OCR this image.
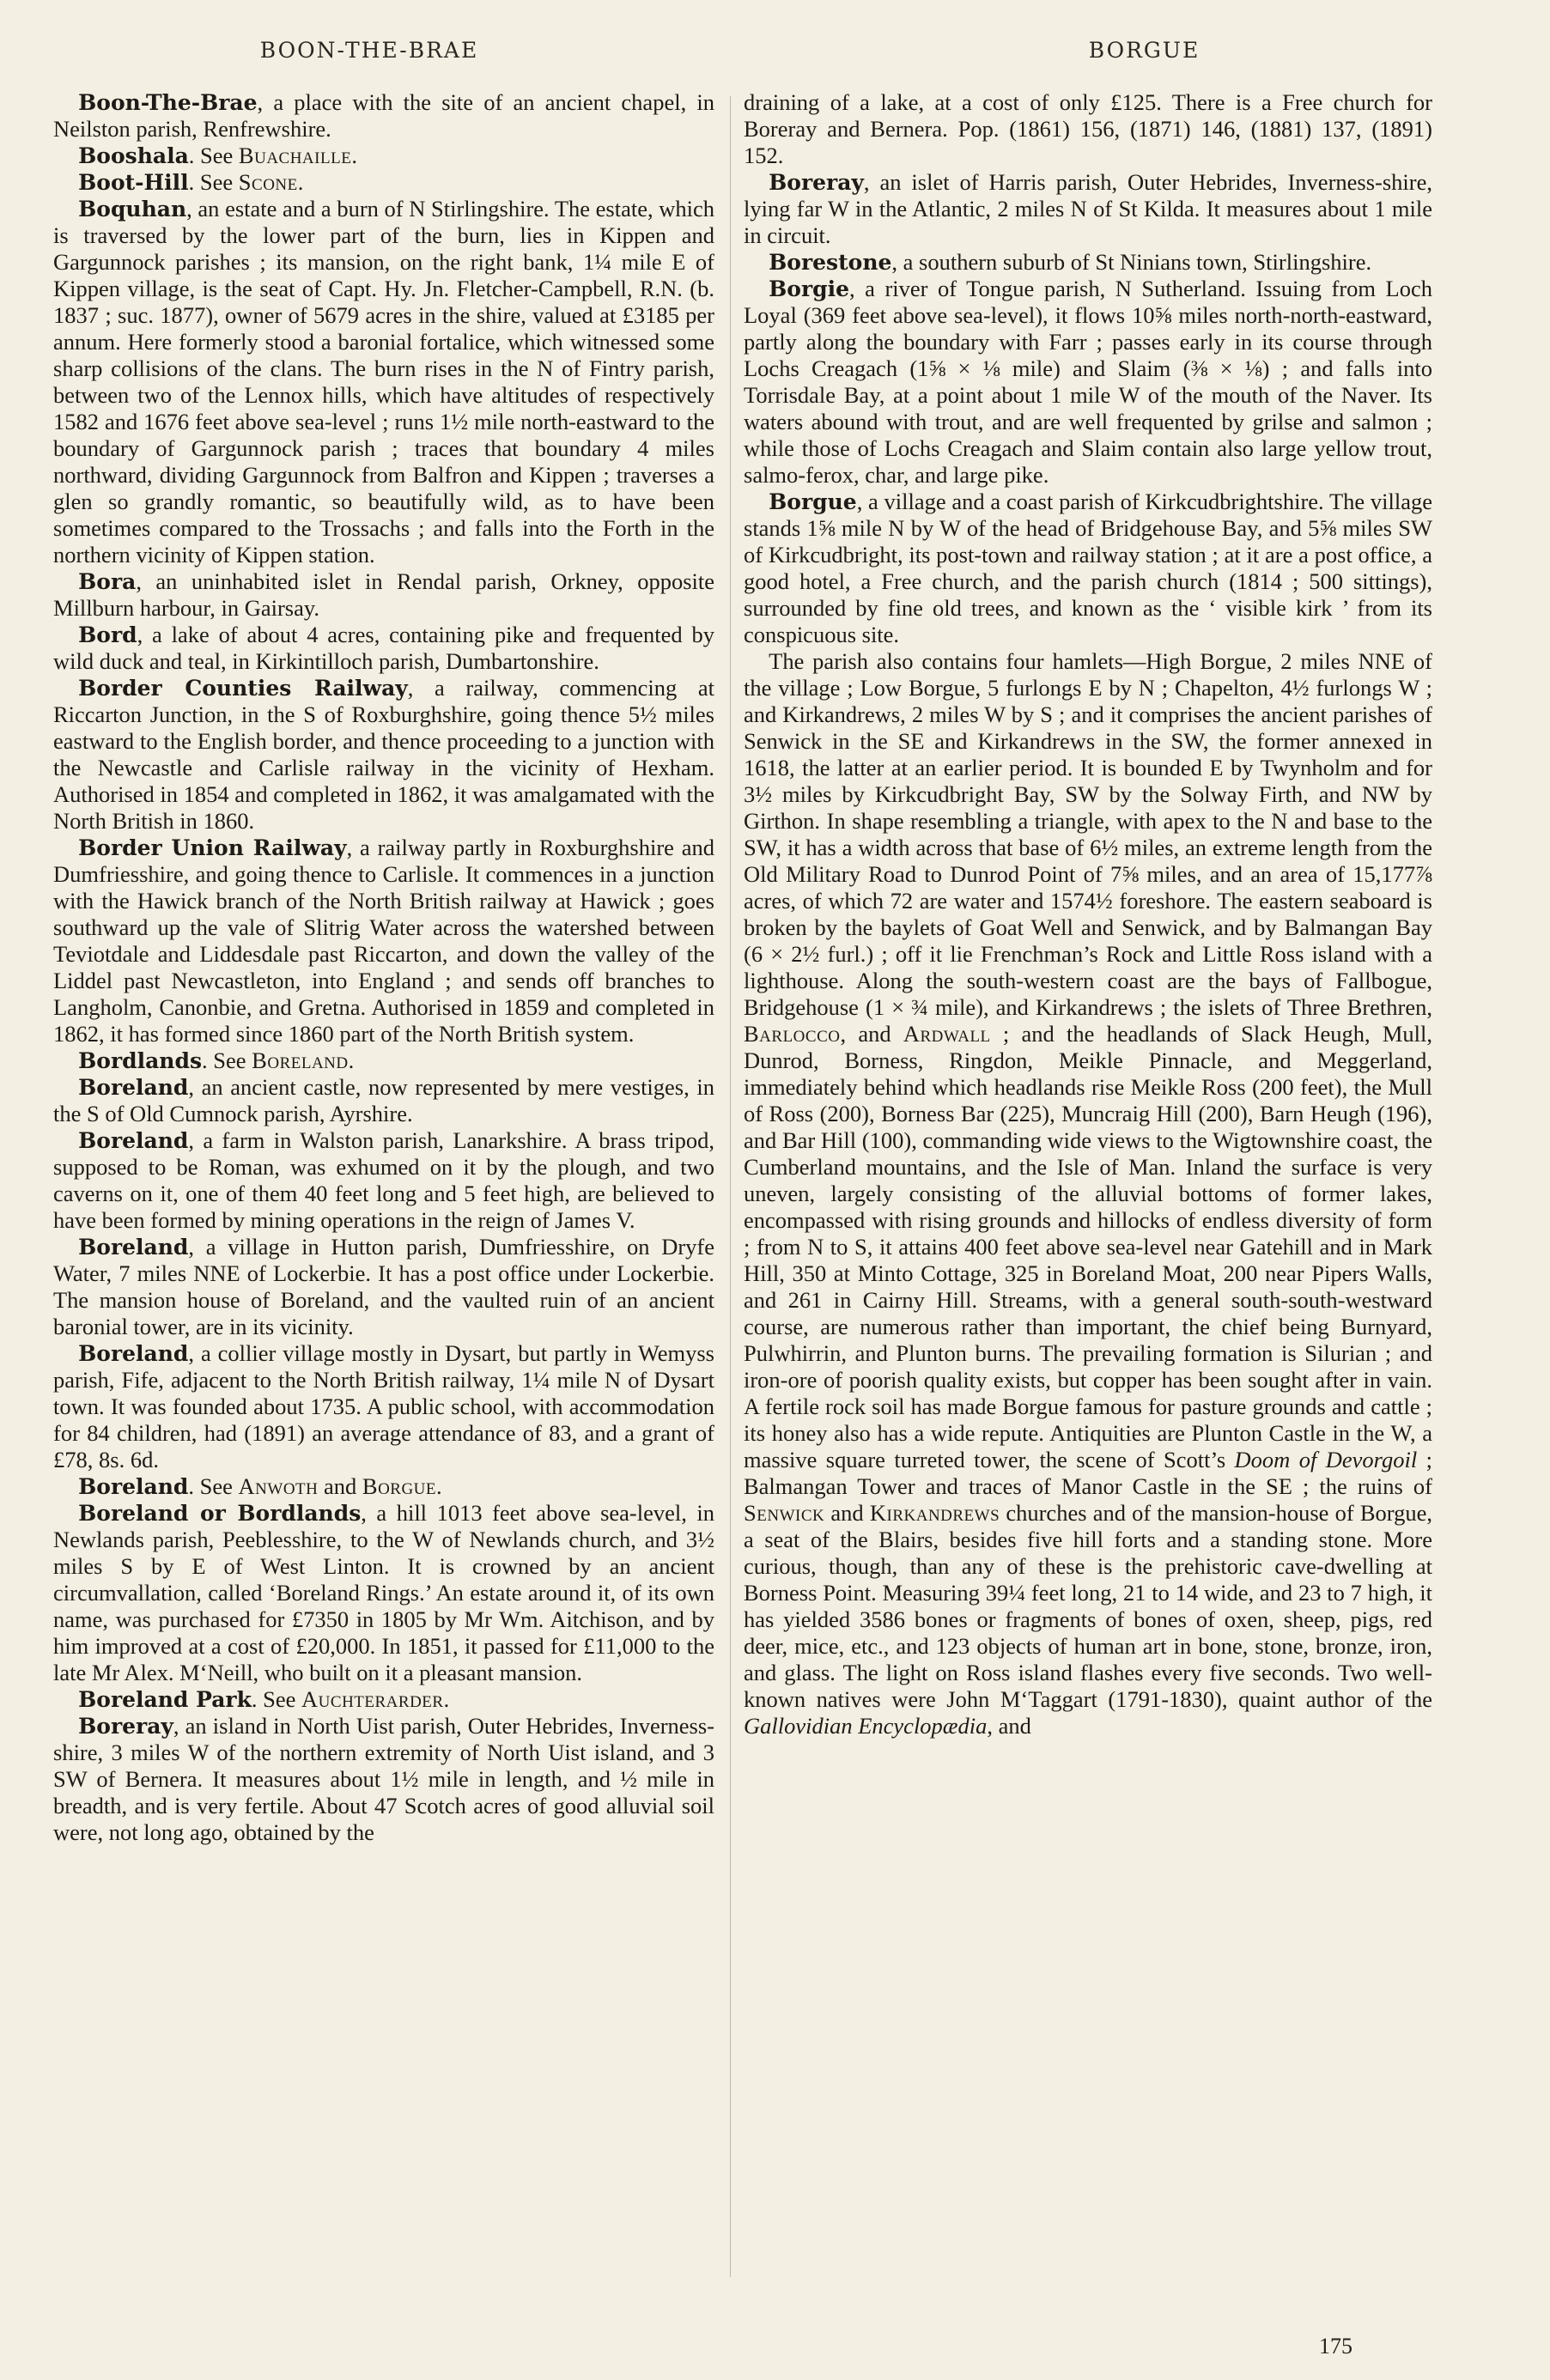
BOON-THE-BRAE	BORGUE

Boon-The-Brae, a place with the site of an ancient chapel, in Neilston parish, Renfrewshire.

Booshala. See Buachaille.

Boot-Hill. See Scone.

Boquhan, an estate and a burn of N Stirlingshire. The estate, which is traversed by the lower part of the burn, lies in Kippen and Gargunnock parishes ; its mansion, on the right bank, 1¼ mile E of Kippen village, is the seat of Capt. Hy. Jn. Fletcher-Campbell, R.N. (b. 1837 ; suc. 1877), owner of 5679 acres in the shire, valued at £3185 per annum. Here formerly stood a baronial fortalice, which witnessed some sharp collisions of the clans. The burn rises in the N of Fintry parish, between two of the Lennox hills, which have altitudes of respectively 1582 and 1676 feet above sea-level ; runs 1½ mile north-eastward to the boundary of Gargunnock parish ; traces that boundary 4 miles northward, dividing Gargunnock from Balfron and Kippen ; traverses a glen so grandly romantic, so beautifully wild, as to have been sometimes compared to the Trossachs ; and falls into the Forth in the northern vicinity of Kippen station.

Bora, an uninhabited islet in Rendal parish, Orkney, opposite Millburn harbour, in Gairsay.

Bord, a lake of about 4 acres, containing pike and frequented by wild duck and teal, in Kirkintilloch parish, Dumbartonshire.

Border Counties Railway, a railway, commencing at Riccarton Junction, in the S of Roxburghshire, going thence 5½ miles eastward to the English border, and thence proceeding to a junction with the Newcastle and Carlisle railway in the vicinity of Hexham. Authorised in 1854 and completed in 1862, it was amalgamated with the North British in 1860.

Border Union Railway, a railway partly in Roxburghshire and Dumfriesshire, and going thence to Carlisle. It commences in a junction with the Hawick branch of the North British railway at Hawick ; goes southward up the vale of Slitrig Water across the watershed between Teviotdale and Liddesdale past Riccarton, and down the valley of the Liddel past Newcastleton, into England ; and sends off branches to Langholm, Canonbie, and Gretna. Authorised in 1859 and completed in 1862, it has formed since 1860 part of the North British system.

Bordlands. See Boreland.

Boreland, an ancient castle, now represented by mere vestiges, in the S of Old Cumnock parish, Ayrshire.

Boreland, a farm in Walston parish, Lanarkshire. A brass tripod, supposed to be Roman, was exhumed on it by the plough, and two caverns on it, one of them 40 feet long and 5 feet high, are believed to have been formed by mining operations in the reign of James V.

Boreland, a village in Hutton parish, Dumfriesshire, on Dryfe Water, 7 miles NNE of Lockerbie. It has a post office under Lockerbie. The mansion house of Boreland, and the vaulted ruin of an ancient baronial tower, are in its vicinity.

Boreland, a collier village mostly in Dysart, but partly in Wemyss parish, Fife, adjacent to the North British railway, 1¼ mile N of Dysart town. It was founded about 1735. A public school, with accommodation for 84 children, had (1891) an average attendance of 83, and a grant of £78, 8s. 6d.

Boreland. See Anwoth and Borgue.

Boreland or Bordlands, a hill 1013 feet above sea-level, in Newlands parish, Peeblesshire, to the W of Newlands church, and 3½ miles S by E of West Linton. It is crowned by an ancient circumvallation, called ‘Boreland Rings.’ An estate around it, of its own name, was purchased for £7350 in 1805 by Mr Wm. Aitchison, and by him improved at a cost of £20,000. In 1851, it passed for £11,000 to the late Mr Alex. M‘Neill, who built on it a pleasant mansion.

Boreland Park. See Auchterarder.

Boreray, an island in North Uist parish, Outer Hebrides, Inverness-shire, 3 miles W of the northern extremity of North Uist island, and 3 SW of Bernera. It measures about 1½ mile in length, and ½ mile in breadth, and is very fertile. About 47 Scotch acres of good alluvial soil were, not long ago, obtained by the

draining of a lake, at a cost of only £125. There is a Free church for Boreray and Bernera. Pop. (1861) 156, (1871) 146, (1881) 137, (1891) 152.

Boreray, an islet of Harris parish, Outer Hebrides, Inverness-shire, lying far W in the Atlantic, 2 miles N of St Kilda. It measures about 1 mile in circuit.

Borestone, a southern suburb of St Ninians town, Stirlingshire.

Borgie, a river of Tongue parish, N Sutherland. Issuing from Loch Loyal (369 feet above sea-level), it flows 10⅝ miles north-north-eastward, partly along the boundary with Farr ; passes early in its course through Lochs Creagach (1⅝ × ⅛ mile) and Slaim (⅜ × ⅛) ; and falls into Torrisdale Bay, at a point about 1 mile W of the mouth of the Naver. Its waters abound with trout, and are well frequented by grilse and salmon ; while those of Lochs Creagach and Slaim contain also large yellow trout, salmo-ferox, char, and large pike.

Borgue, a village and a coast parish of Kirkcudbrightshire. The village stands 1⅝ mile N by W of the head of Bridgehouse Bay, and 5⅝ miles SW of Kirkcudbright, its post-town and railway station ; at it are a post office, a good hotel, a Free church, and the parish church (1814 ; 500 sittings), surrounded by fine old trees, and known as the ‘ visible kirk ’ from its conspicuous site.

The parish also contains four hamlets—High Borgue, 2 miles NNE of the village ; Low Borgue, 5 furlongs E by N ; Chapelton, 4½ furlongs W ; and Kirkandrews, 2 miles W by S ; and it comprises the ancient parishes of Senwick in the SE and Kirkandrews in the SW, the former annexed in 1618, the latter at an earlier period. It is bounded E by Twynholm and for 3½ miles by Kirkcudbright Bay, SW by the Solway Firth, and NW by Girthon. In shape resembling a triangle, with apex to the N and base to the SW, it has a width across that base of 6½ miles, an extreme length from the Old Military Road to Dunrod Point of 7⅝ miles, and an area of 15,177⅞ acres, of which 72 are water and 1574½ foreshore. The eastern seaboard is broken by the baylets of Goat Well and Senwick, and by Balmangan Bay (6 × 2½ furl.) ; off it lie Frenchman’s Rock and Little Ross island with a lighthouse. Along the south-western coast are the bays of Fallbogue, Bridgehouse (1 × ¾ mile), and Kirkandrews ; the islets of Three Brethren, Barlocco, and Ardwall ; and the headlands of Slack Heugh, Mull, Dunrod, Borness, Ringdon, Meikle Pinnacle, and Meggerland, immediately behind which headlands rise Meikle Ross (200 feet), the Mull of Ross (200), Borness Bar (225), Muncraig Hill (200), Barn Heugh (196), and Bar Hill (100), commanding wide views to the Wigtownshire coast, the Cumberland mountains, and the Isle of Man. Inland the surface is very uneven, largely consisting of the alluvial bottoms of former lakes, encompassed with rising grounds and hillocks of endless diversity of form ; from N to S, it attains 400 feet above sea-level near Gatehill and in Mark Hill, 350 at Minto Cottage, 325 in Boreland Moat, 200 near Pipers Walls, and 261 in Cairny Hill. Streams, with a general south-south-westward course, are numerous rather than important, the chief being Burnyard, Pulwhirrin, and Plunton burns. The prevailing formation is Silurian ; and iron-ore of poorish quality exists, but copper has been sought after in vain. A fertile rock soil has made Borgue famous for pasture grounds and cattle ; its honey also has a wide repute. Antiquities are Plunton Castle in the W, a massive square turreted tower, the scene of Scott’s Doom of Devorgoil ; Balmangan Tower and traces of Manor Castle in the SE ; the ruins of Senwick and Kirkandrews churches and of the mansion-house of Borgue, a seat of the Blairs, besides five hill forts and a standing stone. More curious, though, than any of these is the prehistoric cave-dwelling at Borness Point. Measuring 39¼ feet long, 21 to 14 wide, and 23 to 7 high, it has yielded 3586 bones or fragments of bones of oxen, sheep, pigs, red deer, mice, etc., and 123 objects of human art in bone, stone, bronze, iron, and glass. The light on Ross island flashes every five seconds. Two well-known natives were John M‘Taggart (1791-1830), quaint author of the Gallovidian Encyclopædia, and

175
